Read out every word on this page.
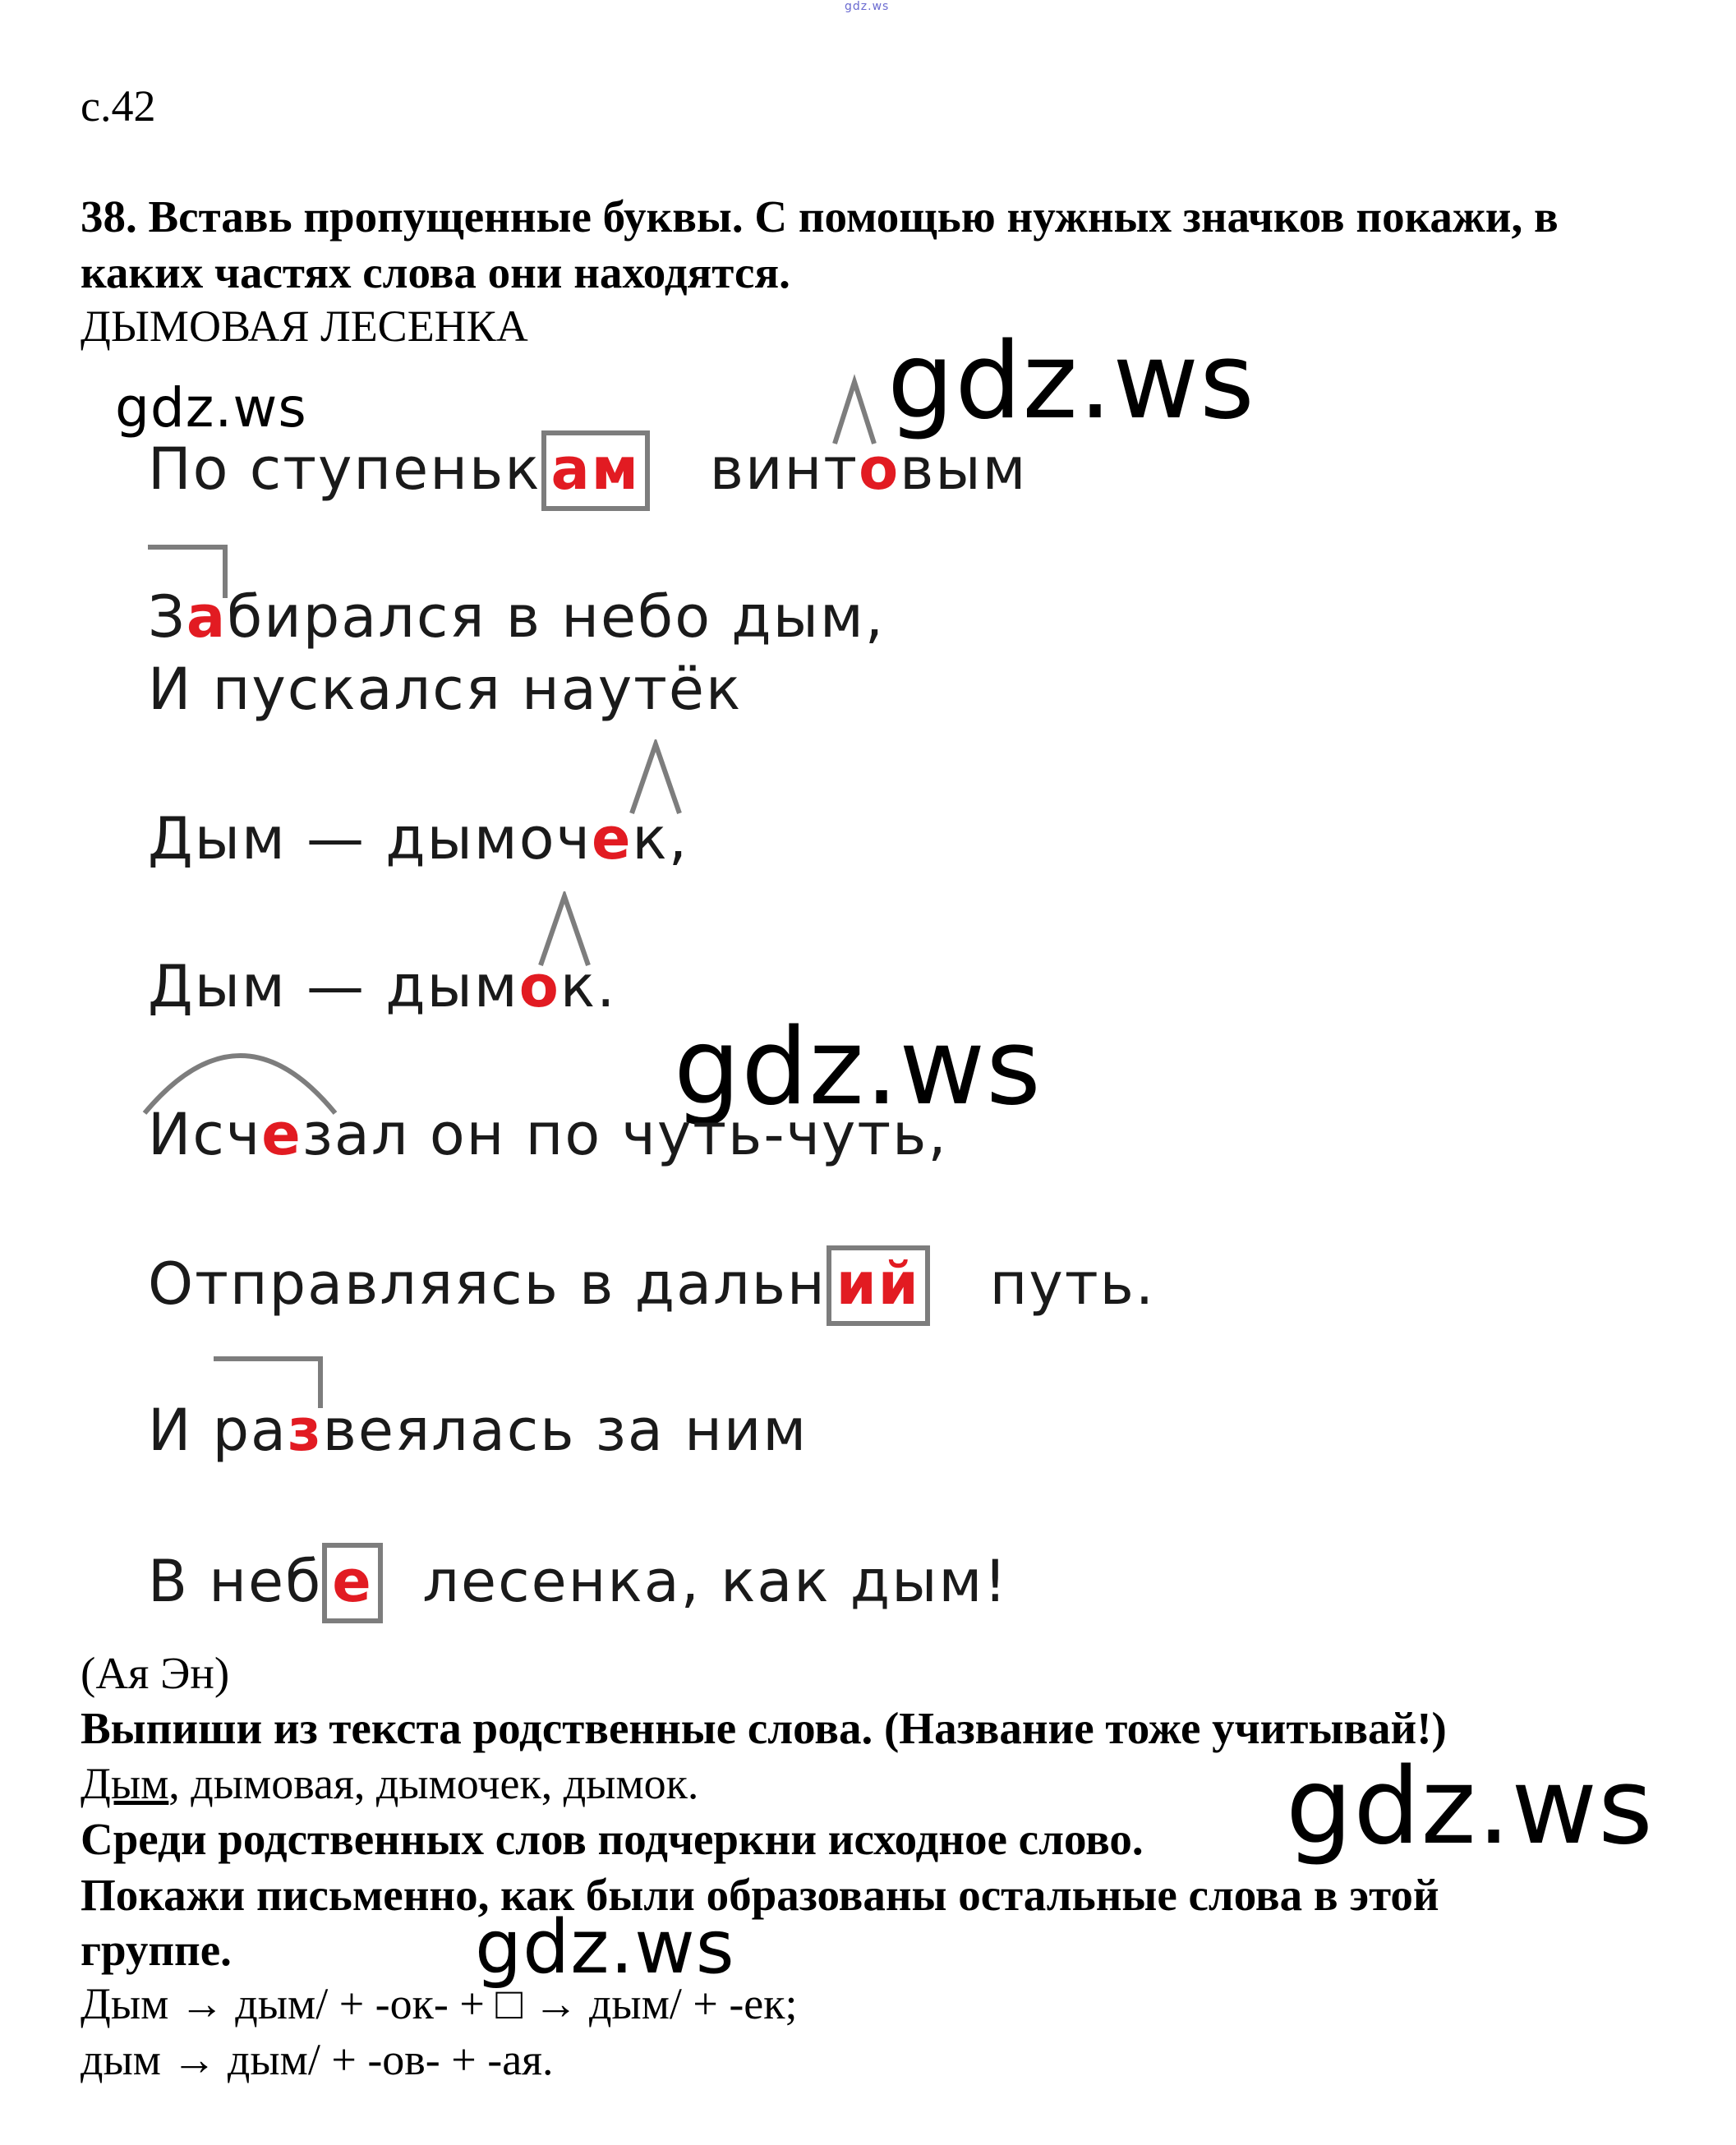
gdz.ws
с.42
38. Вставь пропущенные буквы. С помощью нужных значков покажи, в
каких частях слова они находятся.
ДЫМОВАЯ ЛЕСЕНКА
gdz.ws	gdz.ws
По ступеньк ам винтовым
Забирался в небо дым,
И пускался наутёк
Дым — дымочек,
Дым — дымок.
gdz.ws
Исчезал он по чуть-чуть,
Отправляясь в дальн ий путь.
И развеялась за ним
В неб е лесенка, как дым!
(Ая Эн)
Выпиши из текста родственные слова. (Название тоже учитывай!)
Дым, дымовая, дымочек, дымок.	gdz.ws
Среди родственных слов подчеркни исходное слово.
Покажи письменно, как были образованы остальные слова в этой
группе.
Дым → дым/ + -ок- + □ → дым/ + -ек;
дым → дым/ + -ов- + -ая.
gdz.ws
